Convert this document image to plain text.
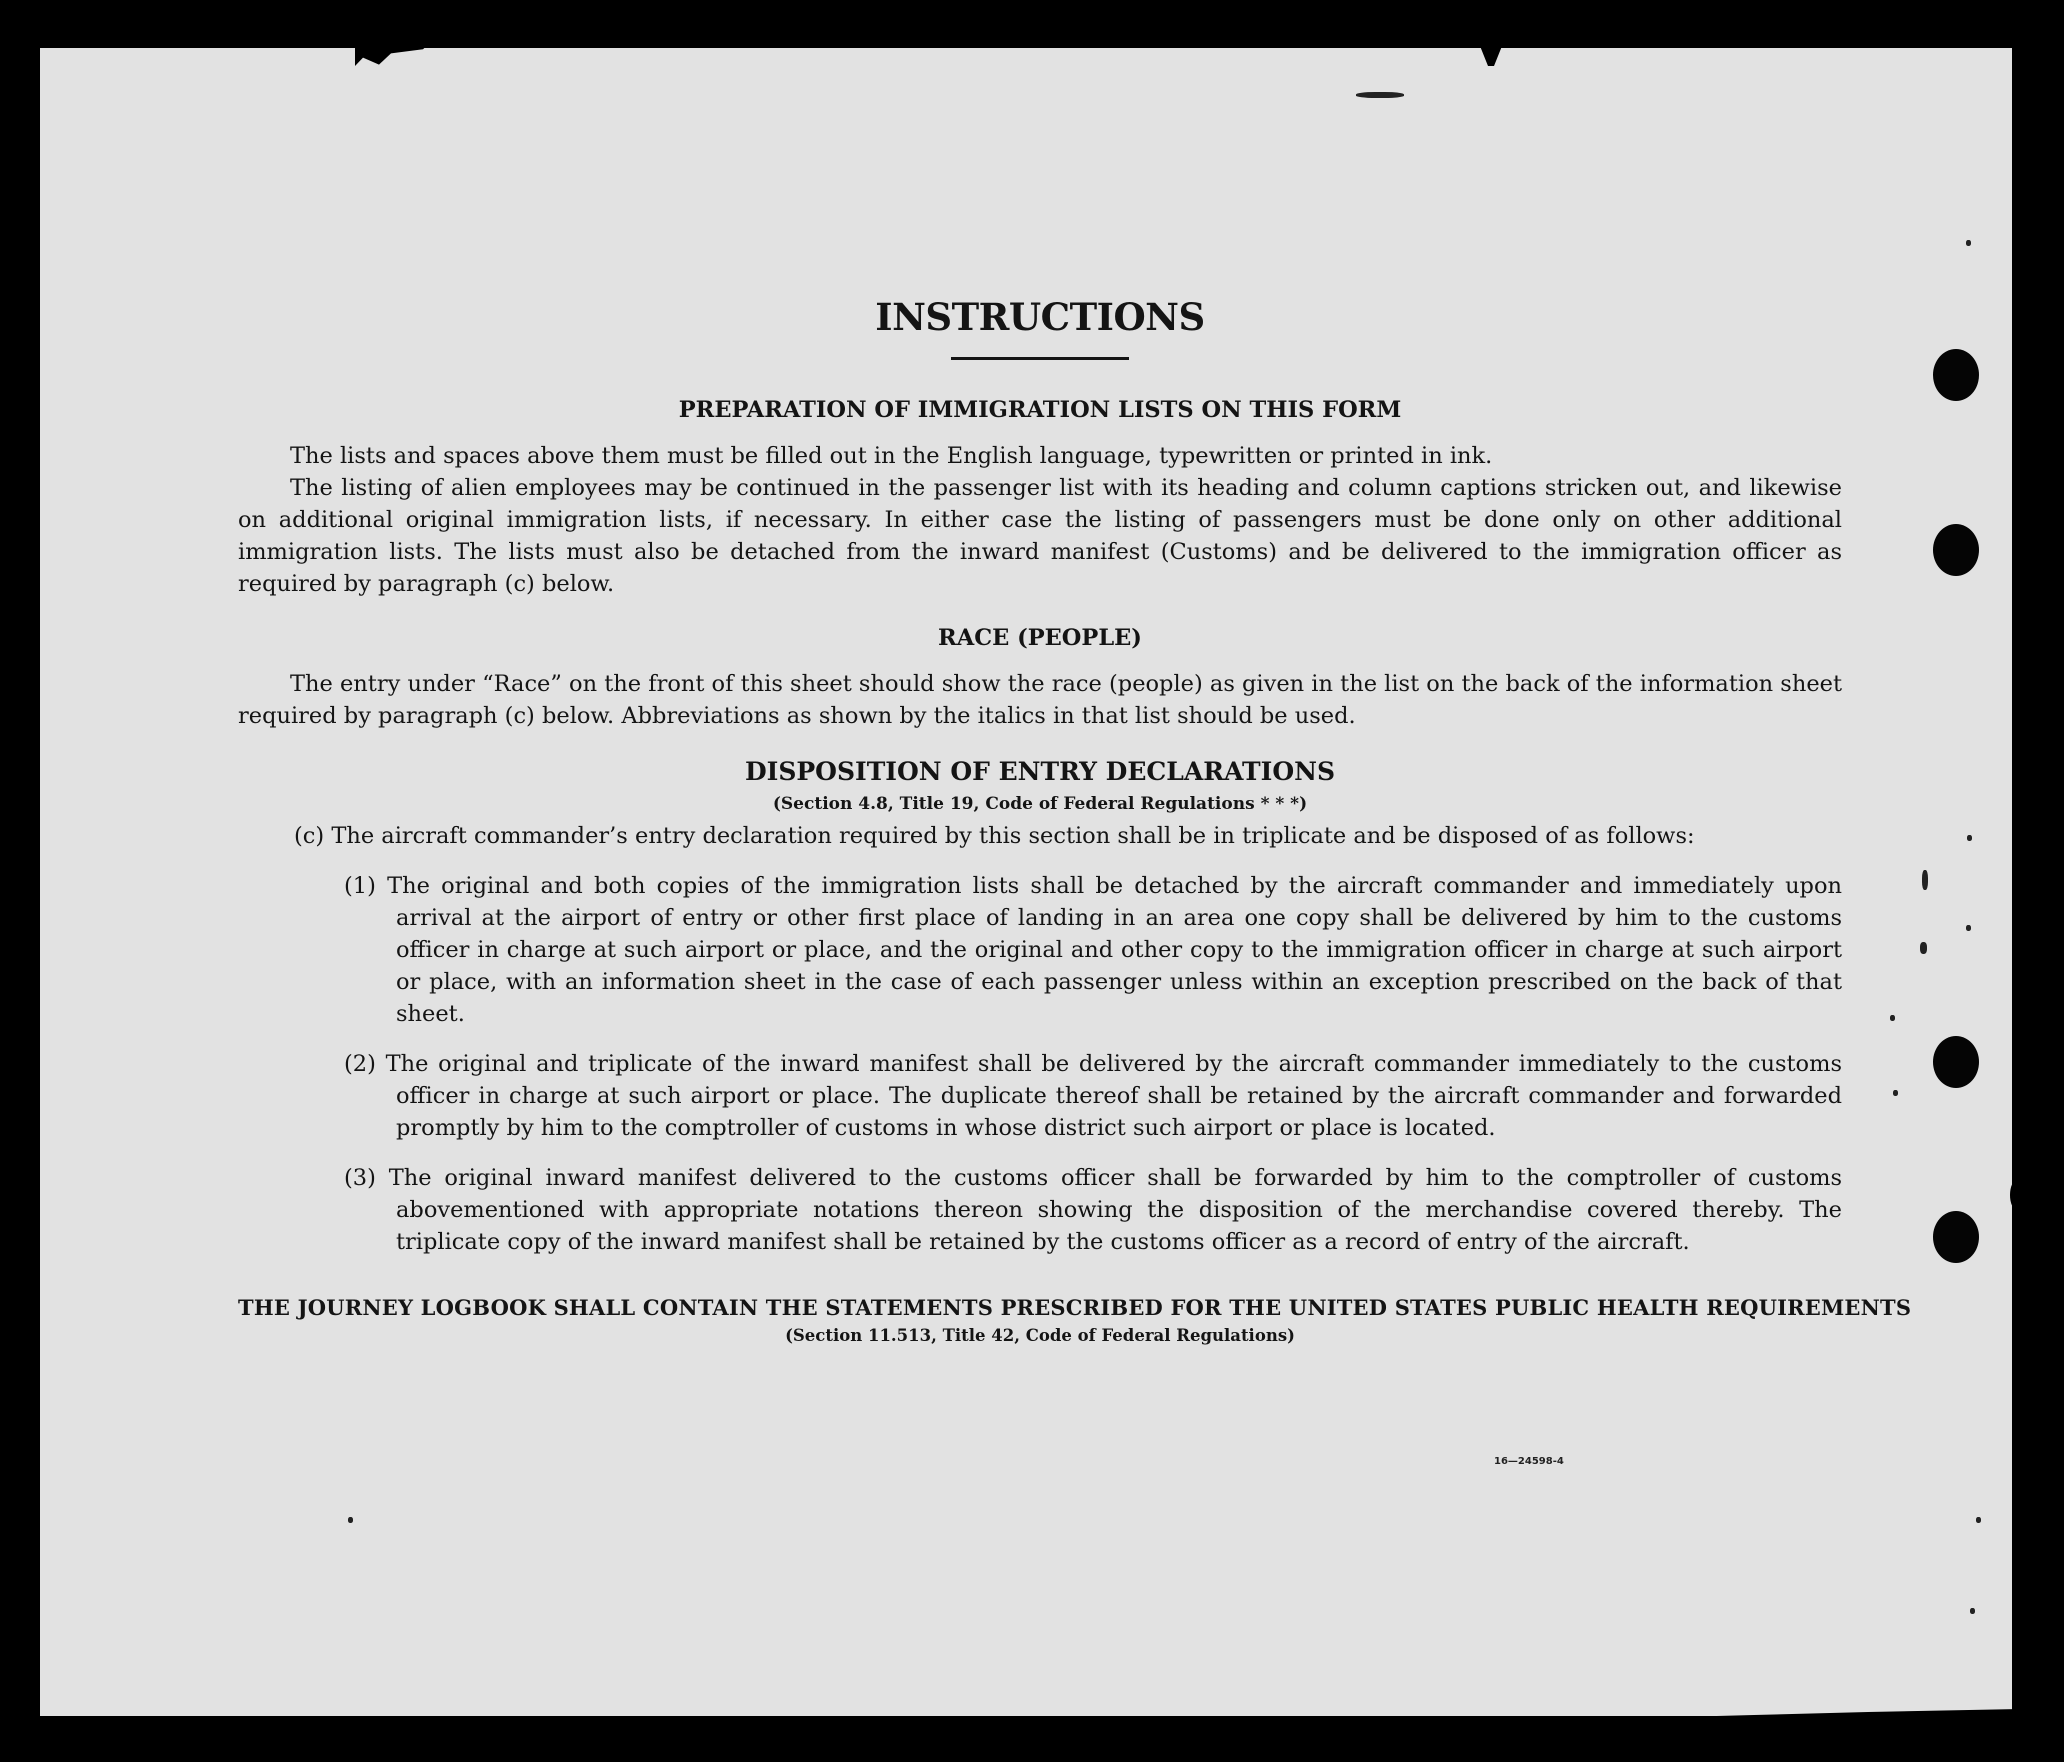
INSTRUCTIONS
PREPARATION OF IMMIGRATION LISTS ON THIS FORM

The lists and spaces above them must be filled out in the English language, typewritten or printed in ink.

The listing of alien employees may be continued in the passenger list with its heading and column captions stricken out, and likewise on additional original immigration lists, if necessary. In either case the listing of passengers must be done only on other additional immigration lists. The lists must also be detached from the inward manifest (Customs) and be delivered to the immigration officer as required by paragraph (c) below.

RACE (PEOPLE)

The entry under “Race” on the front of this sheet should show the race (people) as given in the list on the back of the information sheet required by paragraph (c) below. Abbreviations as shown by the italics in that list should be used.

DISPOSITION OF ENTRY DECLARATIONS
(Section 4.8, Title 19, Code of Federal Regulations * * *)
(c) The aircraft commander’s entry declaration required by this section shall be in triplicate and be disposed of as follows:
(1) The original and both copies of the immigration lists shall be detached by the aircraft commander and immediately upon arrival at the airport of entry or other first place of landing in an area one copy shall be delivered by him to the customs officer in charge at such airport or place, and the original and other copy to the immigration officer in charge at such airport or place, with an information sheet in the case of each passenger unless within an exception prescribed on the back of that sheet.
(2) The original and triplicate of the inward manifest shall be delivered by the aircraft commander immediately to the customs officer in charge at such airport or place. The duplicate thereof shall be retained by the aircraft commander and forwarded promptly by him to the comptroller of customs in whose district such airport or place is located.
(3) The original inward manifest delivered to the customs officer shall be forwarded by him to the comptroller of customs abovementioned with appropriate notations thereon showing the disposition of the merchandise covered thereby. The triplicate copy of the inward manifest shall be retained by the customs officer as a record of entry of the aircraft.
THE JOURNEY LOGBOOK SHALL CONTAIN THE STATEMENTS PRESCRIBED FOR THE UNITED STATES PUBLIC HEALTH REQUIREMENTS
(Section 11.513, Title 42, Code of Federal Regulations)
16—24598-4
